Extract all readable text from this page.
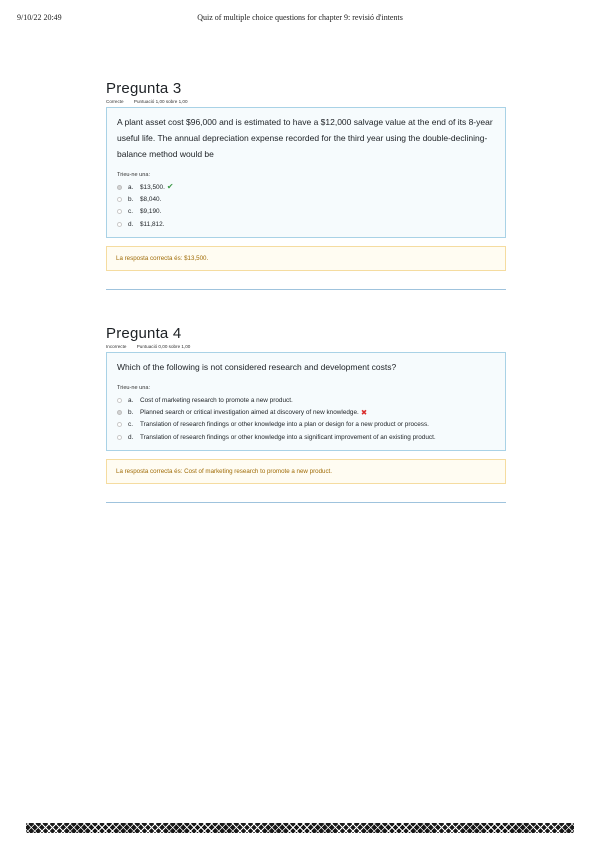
9/10/22 20:49	Quiz of multiple choice questions for chapter 9: revisió d'intents
Pregunta 3
Correcte Puntuació 1,00 sobre 1,00
A plant asset cost $96,000 and is estimated to have a $12,000 salvage value at the end of its 8-year useful life. The annual depreciation expense recorded for the third year using the double-declining-balance method would be
Trieu-ne una:
a.	$13,500. ✔
b.	$8,040.
c.	$9,190.
d.	$11,812.
La resposta correcta és: $13,500.
Pregunta 4
Incorrecte Puntuació 0,00 sobre 1,00
Which of the following is not considered research and development costs?
Trieu-ne una:
a.	Cost of marketing research to promote a new product.
b.	Planned search or critical investigation aimed at discovery of new knowledge. ✖
c.	Translation of research findings or other knowledge into a plan or design for a new product or process.
d.	Translation of research findings or other knowledge into a significant improvement of an existing product.
La resposta correcta és: Cost of marketing research to promote a new product.
